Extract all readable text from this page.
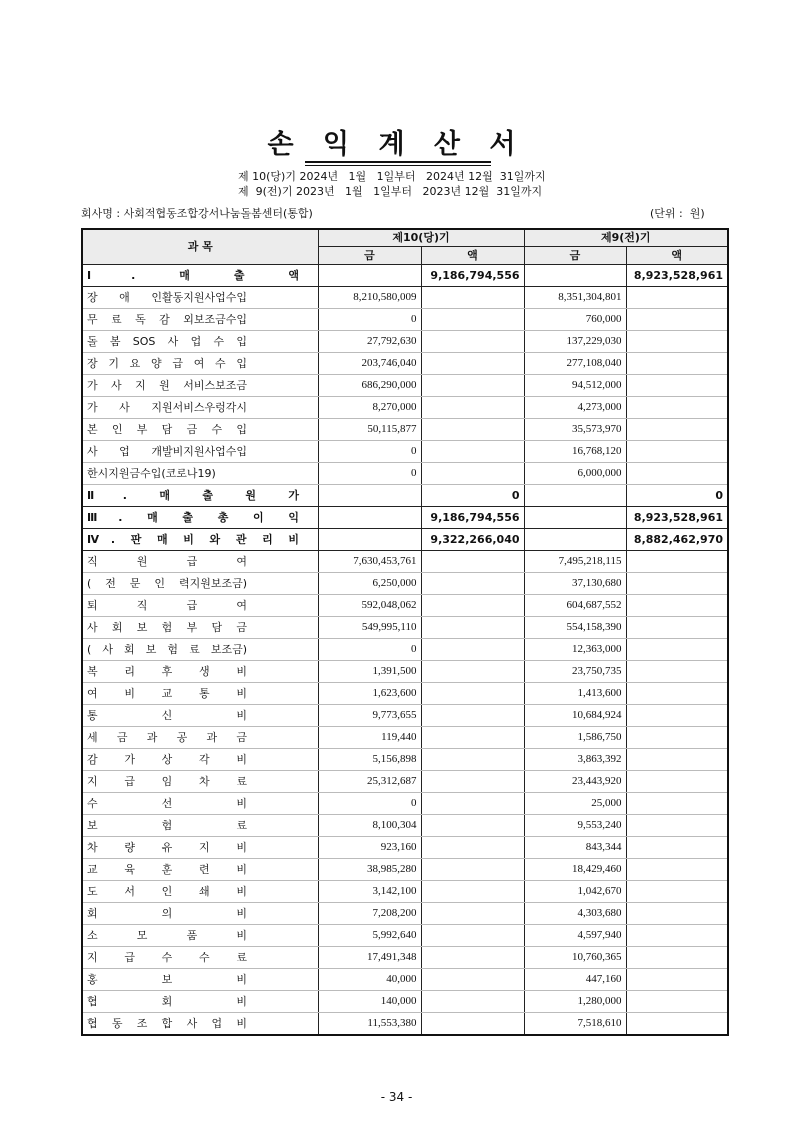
손 익 계 산 서
제 10(당)기 2024년   1월   1일부터   2024년 12월  31일까지
제  9(전)기 2023년   1월   1일부터   2023년 12월  31일까지
회사명 : 사회적협동조합강서나눔돌봄센터(통합)	(단위 :  원)
과 목	제10(당)기		제9(전)기	
	금	액	금	액

Ⅰ. 매 출 액		9,186,794,556		8,923,528,961

장 애 인활동지원사업수입	8,210,580,009		8,351,304,801	

무 료 독 감 외보조금수입	0		760,000	

돌 봄 SOS 사 업 수 입	27,792,630		137,229,030	

장 기 요 양 급 여 수 입	203,746,040		277,108,040	

가 사 지 원 서비스보조금	686,290,000		94,512,000	

가 사 지원서비스우렁각시	8,270,000		4,273,000	

본 인 부 담 금 수 입	50,115,877		35,573,970	

사 업 개발비지원사업수입	0		16,768,120	

한시지원금수입(코로나19)	0		6,000,000	

Ⅱ. 매 출 원 가		0		0

Ⅲ. 매 출 총 이 익		9,186,794,556		8,923,528,961

Ⅳ. 판 매 비 와 관 리 비		9,322,266,040		8,882,462,970

직 원 급 여	7,630,453,761		7,495,218,115	

( 전 문 인 력지원보조금)	6,250,000		37,130,680	

퇴 직 급 여	592,048,062		604,687,552	

사 회 보 험 부 담 금	549,995,110		554,158,390	

( 사 회 보 험 료 보조금)	0		12,363,000	

복 리 후 생 비	1,391,500		23,750,735	

여 비 교 통 비	1,623,600		1,413,600	

통 신 비	9,773,655		10,684,924	

세 금 과 공 과 금	119,440		1,586,750	

감 가 상 각 비	5,156,898		3,863,392	

지 급 임 차 료	25,312,687		23,443,920	

수 선 비	0		25,000	

보 험 료	8,100,304		9,553,240	

차 량 유 지 비	923,160		843,344	

교 육 훈 련 비	38,985,280		18,429,460	

도 서 인 쇄 비	3,142,100		1,042,670	

회 의 비	7,208,200		4,303,680	

소 모 품 비	5,992,640		4,597,940	

지 급 수 수 료	17,491,348		10,760,365	

홍 보 비	40,000		447,160	

협 회 비	140,000		1,280,000	

협 동 조 합 사 업 비	11,553,380		7,518,610	
- 34 -
